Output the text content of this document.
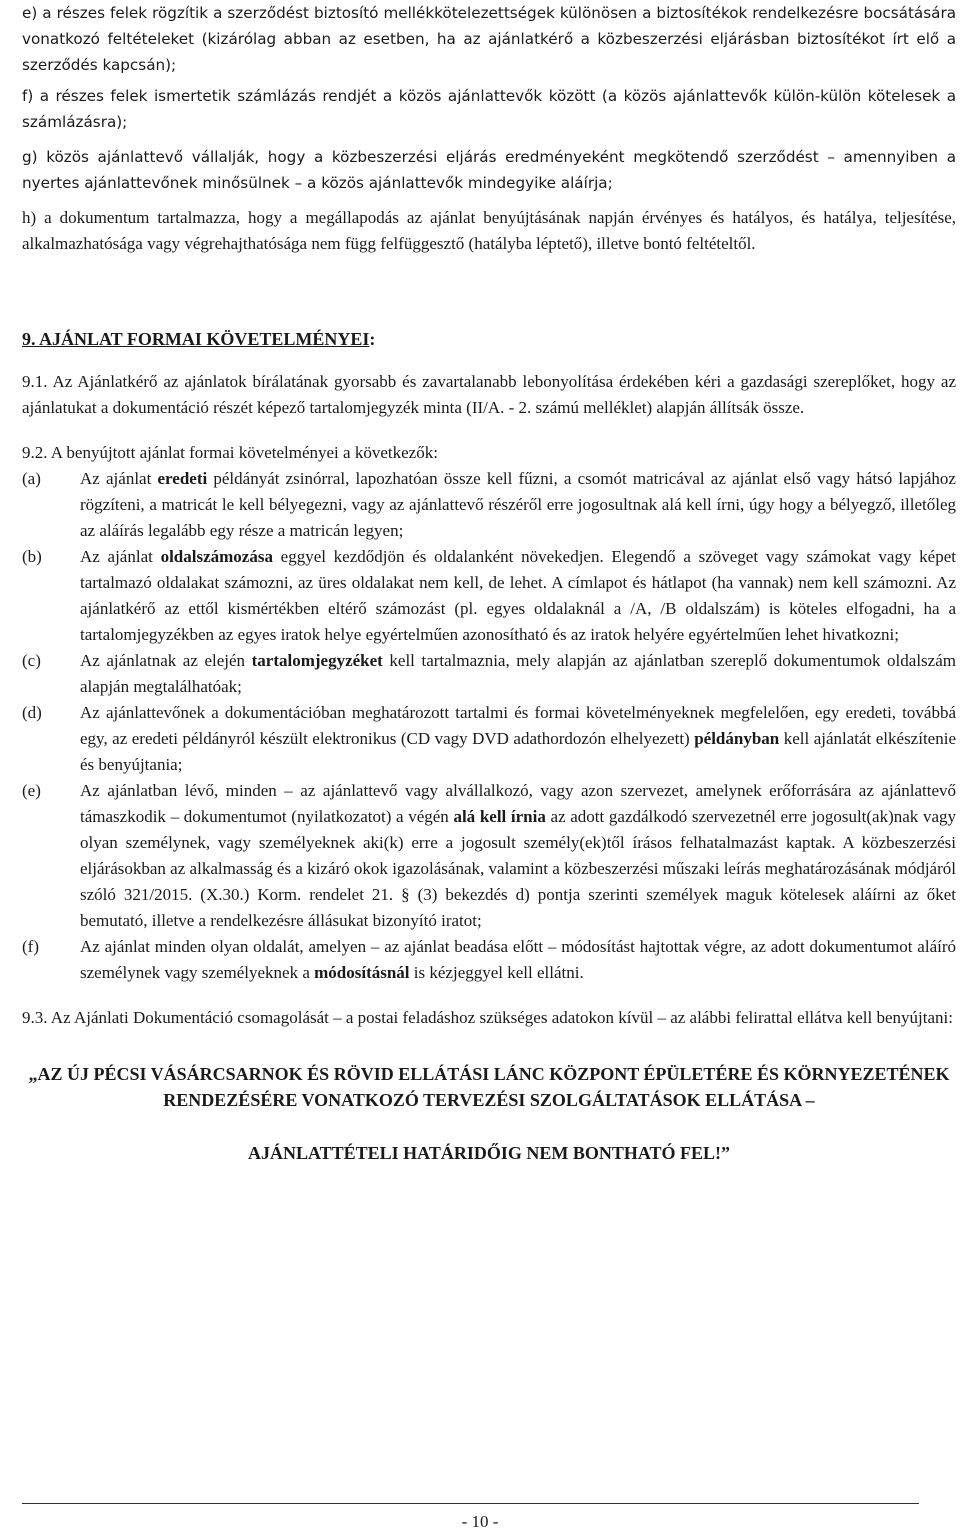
e) a részes felek rögzítik a szerződést biztosító mellékkötelezettségek különösen a biztosítékok rendelkezésre bocsátására vonatkozó feltételeket (kizárólag abban az esetben, ha az ajánlatkérő a közbeszerzési eljárásban biztosítékot írt elő a szerződés kapcsán);

f) a részes felek ismertetik számlázás rendjét a közös ajánlattevők között (a közös ajánlattevők külön-külön kötelesek a számlázásra);

g) közös ajánlattevő vállalják, hogy a közbeszerzési eljárás eredményeként megkötendő szerződést – amennyiben a nyertes ajánlattevőnek minősülnek – a közös ajánlattevők mindegyike aláírja;

h) a dokumentum tartalmazza, hogy a megállapodás az ajánlat benyújtásának napján érvényes és hatályos, és hatálya, teljesítése, alkalmazhatósága vagy végrehajthatósága nem függ felfüggesztő (hatályba léptető), illetve bontó feltételtől.

9. AJÁNLAT FORMAI KÖVETELMÉNYEI:

9.1. Az Ajánlatkérő az ajánlatok bírálatának gyorsabb és zavartalanabb lebonyolítása érdekében kéri a gazdasági szereplőket, hogy az ajánlatukat a dokumentáció részét képező tartalomjegyzék minta (II/A. - 2. számú melléklet) alapján állítsák össze.

9.2. A benyújtott ajánlat formai követelményei a következők:

(a)	Az ajánlat eredeti példányát zsinórral, lapozhatóan össze kell fűzni, a csomót matricával az ajánlat első vagy hátsó lapjához rögzíteni, a matricát le kell bélyegezni, vagy az ajánlattevő részéről erre jogosultnak alá kell írni, úgy hogy a bélyegző, illetőleg az aláírás legalább egy része a matricán legyen;
(b)	Az ajánlat oldalszámozása eggyel kezdődjön és oldalanként növekedjen. Elegendő a szöveget vagy számokat vagy képet tartalmazó oldalakat számozni, az üres oldalakat nem kell, de lehet. A címlapot és hátlapot (ha vannak) nem kell számozni. Az ajánlatkérő az ettől kismértékben eltérő számozást (pl. egyes oldalaknál a /A, /B oldalszám) is köteles elfogadni, ha a tartalomjegyzékben az egyes iratok helye egyértelműen azonosítható és az iratok helyére egyértelműen lehet hivatkozni;
(c)	Az ajánlatnak az elején tartalomjegyzéket kell tartalmaznia, mely alapján az ajánlatban szereplő dokumentumok oldalszám alapján megtalálhatóak;
(d)	Az ajánlattevőnek a dokumentációban meghatározott tartalmi és formai követelményeknek megfelelően, egy eredeti, továbbá egy, az eredeti példányról készült elektronikus (CD vagy DVD adathordozón elhelyezett) példányban kell ajánlatát elkészítenie és benyújtania;
(e)	Az ajánlatban lévő, minden – az ajánlattevő vagy alvállalkozó, vagy azon szervezet, amelynek erőforrására az ajánlattevő támaszkodik – dokumentumot (nyilatkozatot) a végén alá kell írnia az adott gazdálkodó szervezetnél erre jogosult(ak)nak vagy olyan személynek, vagy személyeknek aki(k) erre a jogosult személy(ek)től írásos felhatalmazást kaptak. A közbeszerzési eljárásokban az alkalmasság és a kizáró okok igazolásának, valamint a közbeszerzési műszaki leírás meghatározásának módjáról szóló 321/2015. (X.30.) Korm. rendelet 21. § (3) bekezdés d) pontja szerinti személyek maguk kötelesek aláírni az őket bemutató, illetve a rendelkezésre állásukat bizonyító iratot;
(f)	Az ajánlat minden olyan oldalát, amelyen – az ajánlat beadása előtt – módosítást hajtottak végre, az adott dokumentumot aláíró személynek vagy személyeknek a módosításnál is kézjeggyel kell ellátni.

9.3. Az Ajánlati Dokumentáció csomagolását – a postai feladáshoz szükséges adatokon kívül – az alábbi felirattal ellátva kell benyújtani:

„AZ ÚJ PÉCSI VÁSÁRCSARNOK ÉS RÖVID ELLÁTÁSI LÁNC KÖZPONT ÉPÜLETÉRE ÉS KÖRNYEZETÉNEK RENDEZÉSÉRE VONATKOZÓ TERVEZÉSI SZOLGÁLTATÁSOK ELLÁTÁSA –

AJÁNLATTÉTELI HATÁRIDŐIG NEM BONTHATÓ FEL!”

- 10 -
